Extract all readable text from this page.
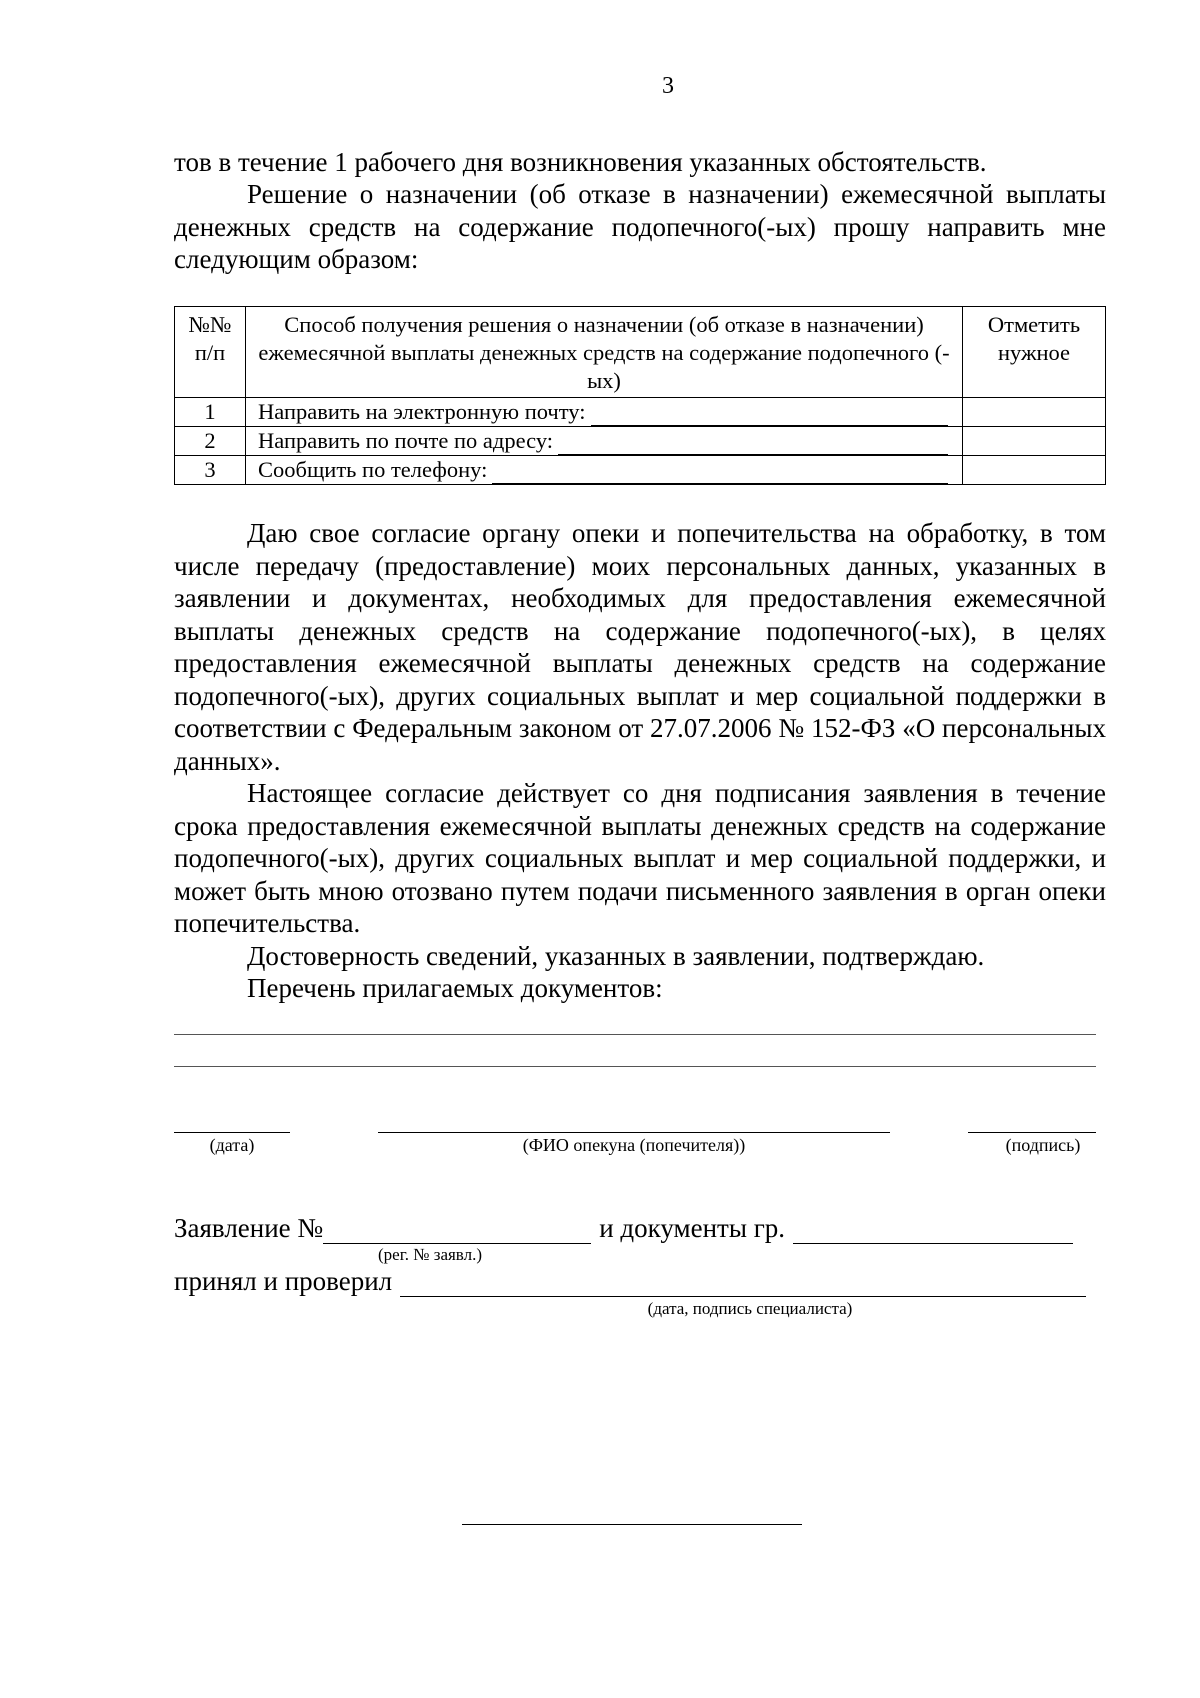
3

тов в течение 1 рабочего дня возникновения указанных обстоятельств.

Решение о назначении (об отказе в назначении) ежемесячной выплаты денежных средств на содержание подопечного(-ых) прошу направить мне следующим образом:

№№ п/п	Способ получения решения о назначении (об отказе в назначении) ежемесячной выплаты денежных средств на содержание подопечного (-ых)	Отметить нужное
1	Направить на электронную почту:	

2	Направить по почте по адресу:	

3	Сообщить по телефону:	

Даю свое согласие органу опеки и попечительства на обработку, в том числе передачу (предоставление) моих персональных данных, указанных в заявлении и документах, необходимых для предоставления ежемесячной выплаты денежных средств на содержание подопечного(-ых), в целях предоставления ежемесячной выплаты денежных средств на содержание подопечного(-ых), других социальных выплат и мер социальной поддержки в соответствии с Федеральным законом от 27.07.2006 № 152-ФЗ «О персональных данных».

Настоящее согласие действует со дня подписания заявления в течение срока предоставления ежемесячной выплаты денежных средств на содержание подопечного(-ых), других социальных выплат и мер социальной поддержки, и может быть мною отозвано путем подачи письменного заявления в орган опеки попечительства.

Достоверность сведений, указанных в заявлении, подтверждаю.

Перечень прилагаемых документов:

(дата)	(ФИО опекуна (попечителя))	(подпись)
Заявление №	и документы гр.
(рег. № заявл.)
принял и проверил
(дата, подпись специалиста)
